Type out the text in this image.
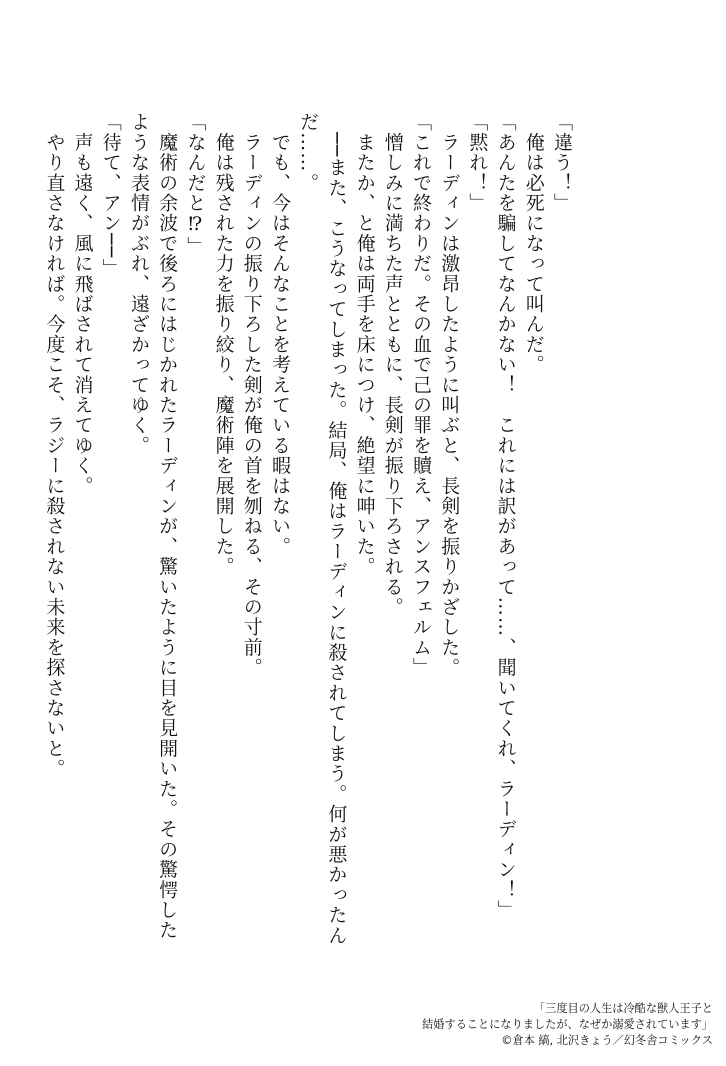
「違う！」

　俺は必死になって叫んだ。

「あんたを騙してなんかない！　これには訳があって……、聞いてくれ、ラーディン！」

「黙れ！」

　ラーディンは激昂したように叫ぶと、長剣を振りかざした。

「これで終わりだ。その血で己の罪を贖え、アンスフェルム」

　憎しみに満ちた声とともに、長剣が振り下ろされる。

　またか、と俺は両手を床につけ、絶望に呻いた。

　──また、こうなってしまった。結局、俺はラーディンに殺されてしまう。何が悪かったんだ……。

　でも、今はそんなことを考えている暇はない。

　ラーディンの振り下ろした剣が俺の首を刎ねる、その寸前。

　俺は残された力を振り絞り、魔術陣を展開した。

「なんだと⁉」

　魔術の余波で後ろにはじかれたラーディンが、驚いたように目を見開いた。その驚愕したような表情がぶれ、遠ざかってゆく。

「待て、アン──」

　声も遠く、風に飛ばされて消えてゆく。

　やり直さなければ。今度こそ、ラジーに殺されない未来を探さないと。

「三度目の人生は冷酷な獣人王子と
結婚することになりましたが、なぜか溺愛されています」
©倉本 縞, 北沢きょう／幻冬舎コミックス
